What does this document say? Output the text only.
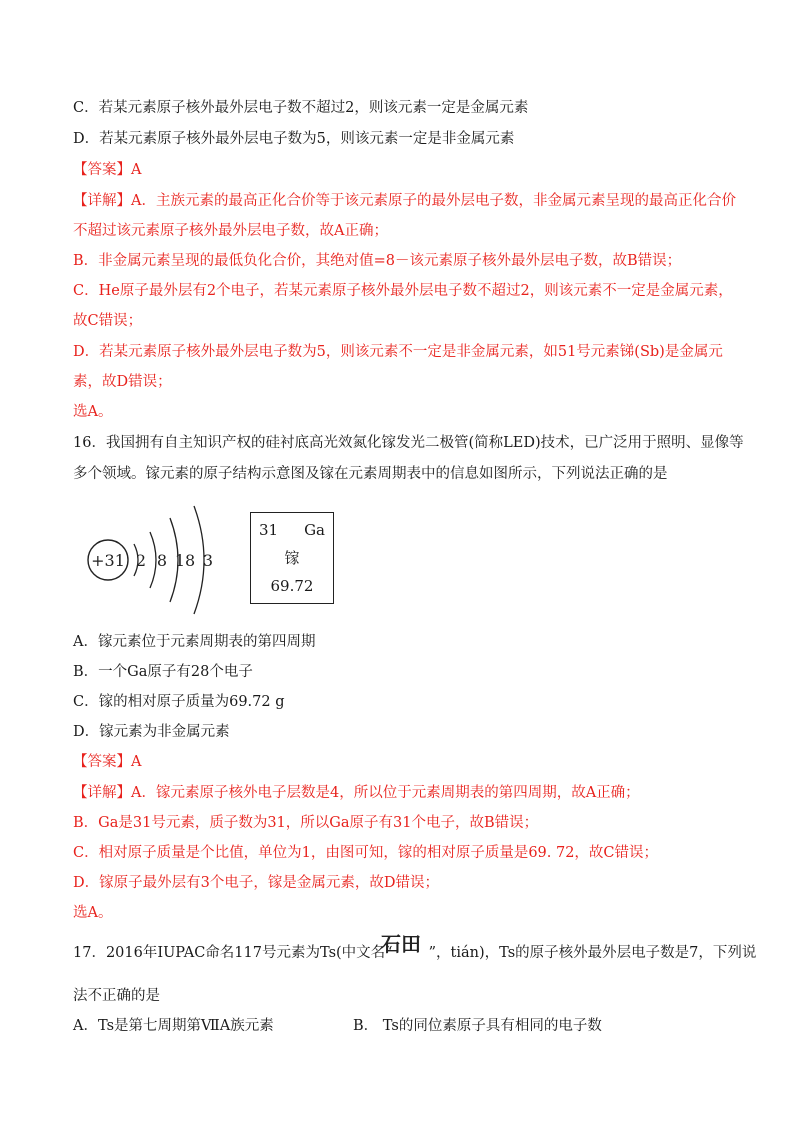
C．若某元素原子核外最外层电子数不超过2，则该元素一定是金属元素
D．若某元素原子核外最外层电子数为5，则该元素一定是非金属元素
【答案】A
【详解】A．主族元素的最高正化合价等于该元素原子的最外层电子数，非金属元素呈现的最高正化合价
不超过该元素原子核外最外层电子数，故A正确；
B．非金属元素呈现的最低负化合价，其绝对值=8－该元素原子核外最外层电子数，故B错误；
C．He原子最外层有2个电子，若某元素原子核外最外层电子数不超过2，则该元素不一定是金属元素，
故C错误；
D．若某元素原子核外最外层电子数为5，则该元素不一定是非金属元素，如51号元素锑(Sb)是金属元
素，故D错误；
选A。
16．我国拥有自主知识产权的硅衬底高光效氮化镓发光二极管(简称LED)技术，已广泛用于照明、显像等
多个领域。镓元素的原子结构示意图及镓在元素周期表中的信息如图所示，下列说法正确的是
+31 2 8 18 3
31 Ga
镓
69.72
A．镓元素位于元素周期表的第四周期
B．一个Ga原子有28个电子
C．镓的相对原子质量为69.72 g
D．镓元素为非金属元素
【答案】A
【详解】A．镓元素原子核外电子层数是4，所以位于元素周期表的第四周期，故A正确；
B．Ga是31号元素，质子数为31，所以Ga原子有31个电子，故B错误；
C．相对原子质量是个比值，单位为1，由图可知，镓的相对原子质量是69. 72，故C错误；
D．镓原子最外层有3个电子，镓是金属元素，故D错误；
选A。
17．2016年IUPAC命名117号元素为Ts(中文名“ ”，tián)，Ts的原子核外最外层电子数是7，下列说
石田
法不正确的是
A．Ts是第七周期第ⅦA族元素	B． Ts的同位素原子具有相同的电子数
